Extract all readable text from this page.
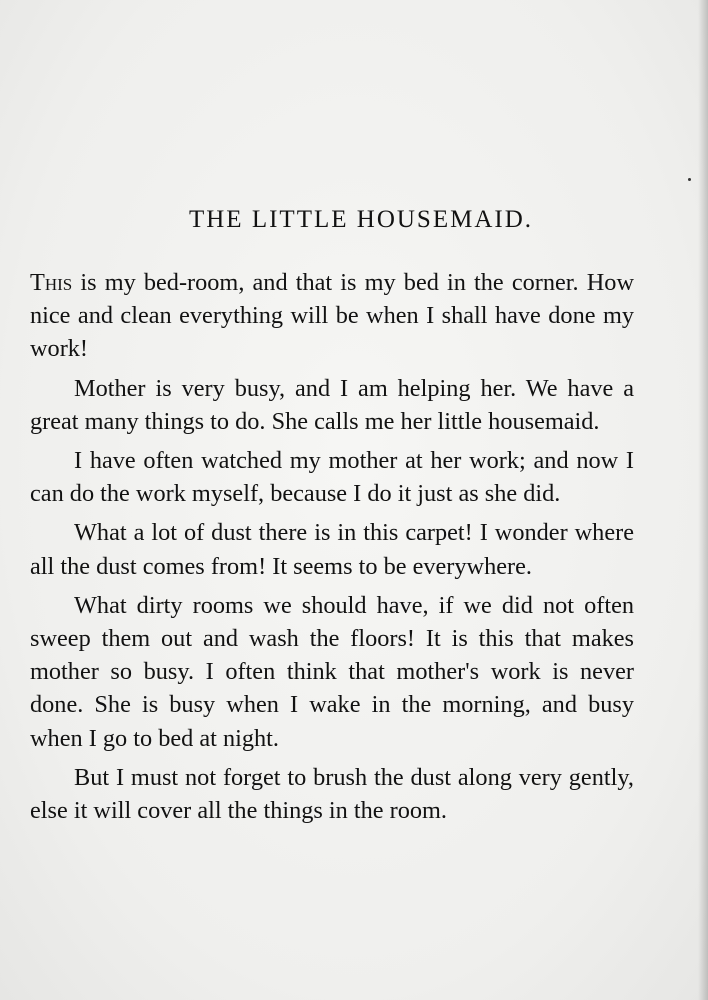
THE LITTLE HOUSEMAID.

This is my bed-room, and that is my bed in the corner. How nice and clean everything will be when I shall have done my work!

Mother is very busy, and I am helping her. We have a great many things to do. She calls me her little housemaid.

I have often watched my mother at her work; and now I can do the work myself, because I do it just as she did.

What a lot of dust there is in this carpet! I wonder where all the dust comes from! It seems to be everywhere.

What dirty rooms we should have, if we did not often sweep them out and wash the floors! It is this that makes mother so busy. I often think that mother's work is never done. She is busy when I wake in the morning, and busy when I go to bed at night.

But I must not forget to brush the dust along very gently, else it will cover all the things in the room.
